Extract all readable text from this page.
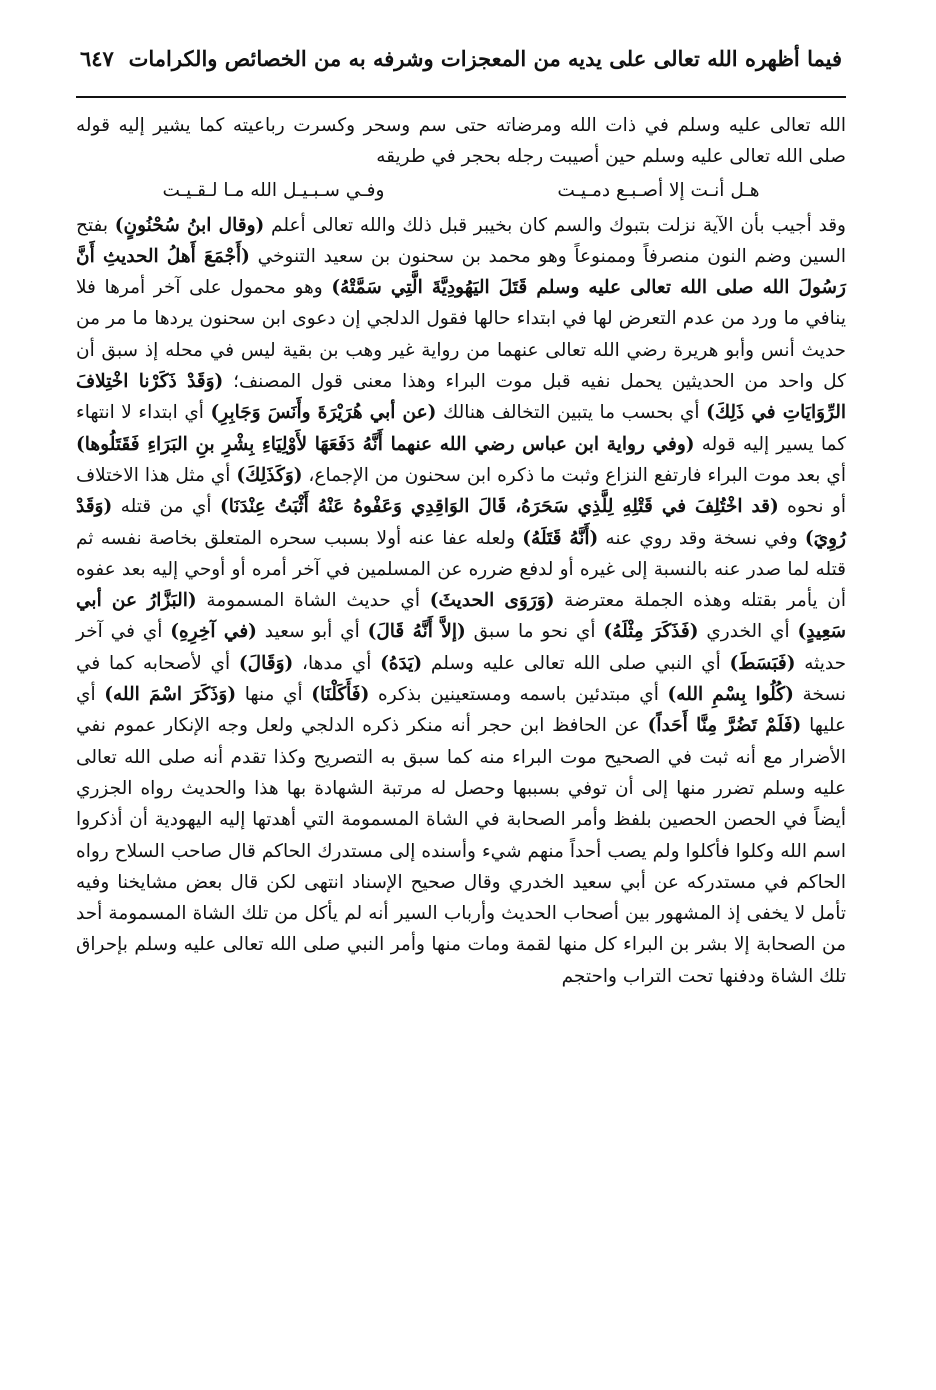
فيما أظهره الله تعالى على يديه من المعجزات وشرفه به من الخصائص والكرامات
٦٤٧

الله تعالى عليه وسلم في ذات الله ومرضاته حتى سم وسحر وكسرت رباعيته كما يشير إليه قوله صلى الله تعالى عليه وسلم حين أصيبت رجله بحجر في طريقه

هـل أنـت إلا أصـبـع دمـيـت
وفـي سـبـيـل الله مـا لـقـيـت

وقد أجيب بأن الآية نزلت بتبوك والسم كان بخيبر قبل ذلك والله تعالى أعلم (وقال ابنُ سُحْنُونٍ) بفتح السين وضم النون منصرفاً وممنوعاً وهو محمد بن سحنون بن سعيد التنوخي (أَجْمَعَ أَهلُ الحديثِ أَنَّ رَسُولَ الله صلى الله تعالى عليه وسلم قَتَلَ اليَهُودِيَّةَ الَّتِي سَمَّتْهُ) وهو محمول على آخر أمرها فلا ينافي ما ورد من عدم التعرض لها في ابتداء حالها فقول الدلجي إن دعوى ابن سحنون يردها ما مر من حديث أنس وأبو هريرة رضي الله تعالى عنهما من رواية غير وهب بن بقية ليس في محله إذ سبق أن كل واحد من الحديثين يحمل نفيه قبل موت البراء وهذا معنى قول المصنف؛ (وَقَدْ ذَكَرْنا اخْتِلافَ الرِّوَايَاتِ في ذَلِكَ) أي بحسب ما يتبين التخالف هنالك (عن أبي هُرَيْرَةَ وأَنَسَ وَجَابِرِ) أي ابتداء لا انتهاء كما يسير إليه قوله (وفي رواية ابن عباس رضي الله عنهما أَنَّهُ دَفَعَهَا لأَوْلِيَاءِ بِشْرِ بنِ البَرَاءِ فَقَتَلُوها) أي بعد موت البراء فارتفع النزاع وثبت ما ذكره ابن سحنون من الإجماع، (وَكَذَلِكَ) أي مثل هذا الاختلاف أو نحوه (قد اخْتُلِفَ في قَتْلِهِ لِلَّذِي سَحَرَهُ، قَالَ الوَاقِدِي وَعَفْوهُ عَنْهُ أَثْبَتُ عِنْدَنَا) أي من قتله (وَقَدْ رُوِيَ) وفي نسخة وقد روي عنه (أَنَّهُ قَتَلَهُ) ولعله عفا عنه أولا بسبب سحره المتعلق بخاصة نفسه ثم قتله لما صدر عنه بالنسبة إلى غيره أو لدفع ضرره عن المسلمين في آخر أمره أو أوحي إليه بعد عفوه أن يأمر بقتله وهذه الجملة معترضة (وَرَوَى الحديثَ) أي حديث الشاة المسمومة (البَزَّارُ عن أبي سَعِيدٍ) أي الخدري (فَذَكَرَ مِثْلَهُ) أي نحو ما سبق (إلاَّ أَنَّهُ قَالَ) أي أبو سعيد (في آخِرِهِ) أي في آخر حديثه (فَبَسَطَ) أي النبي صلى الله تعالى عليه وسلم (يَدَهُ) أي مدها، (وَقَالَ) أي لأصحابه كما في نسخة (كُلُوا بِسْمِ الله) أي مبتدئين باسمه ومستعينين بذكره (فَأَكَلْنَا) أي منها (وَذَكَرَ اسْمَ الله) أي عليها (فَلَمْ تَضُرَّ مِنَّا أَحَداً) عن الحافظ ابن حجر أنه منكر ذكره الدلجي ولعل وجه الإنكار عموم نفي الأضرار مع أنه ثبت في الصحيح موت البراء منه كما سبق به التصريح وكذا تقدم أنه صلى الله تعالى عليه وسلم تضرر منها إلى أن توفي بسببها وحصل له مرتبة الشهادة بها هذا والحديث رواه الجزري أيضاً في الحصن الحصين بلفظ وأمر الصحابة في الشاة المسمومة التي أهدتها إليه اليهودية أن أذكروا اسم الله وكلوا فأكلوا ولم يصب أحداً منهم شيء وأسنده إلى مستدرك الحاكم قال صاحب السلاح رواه الحاكم في مستدركه عن أبي سعيد الخدري وقال صحيح الإسناد انتهى لكن قال بعض مشايخنا وفيه تأمل لا يخفى إذ المشهور بين أصحاب الحديث وأرباب السير أنه لم يأكل من تلك الشاة المسمومة أحد من الصحابة إلا بشر بن البراء كل منها لقمة ومات منها وأمر النبي صلى الله تعالى عليه وسلم بإحراق تلك الشاة ودفنها تحت التراب واحتجم
